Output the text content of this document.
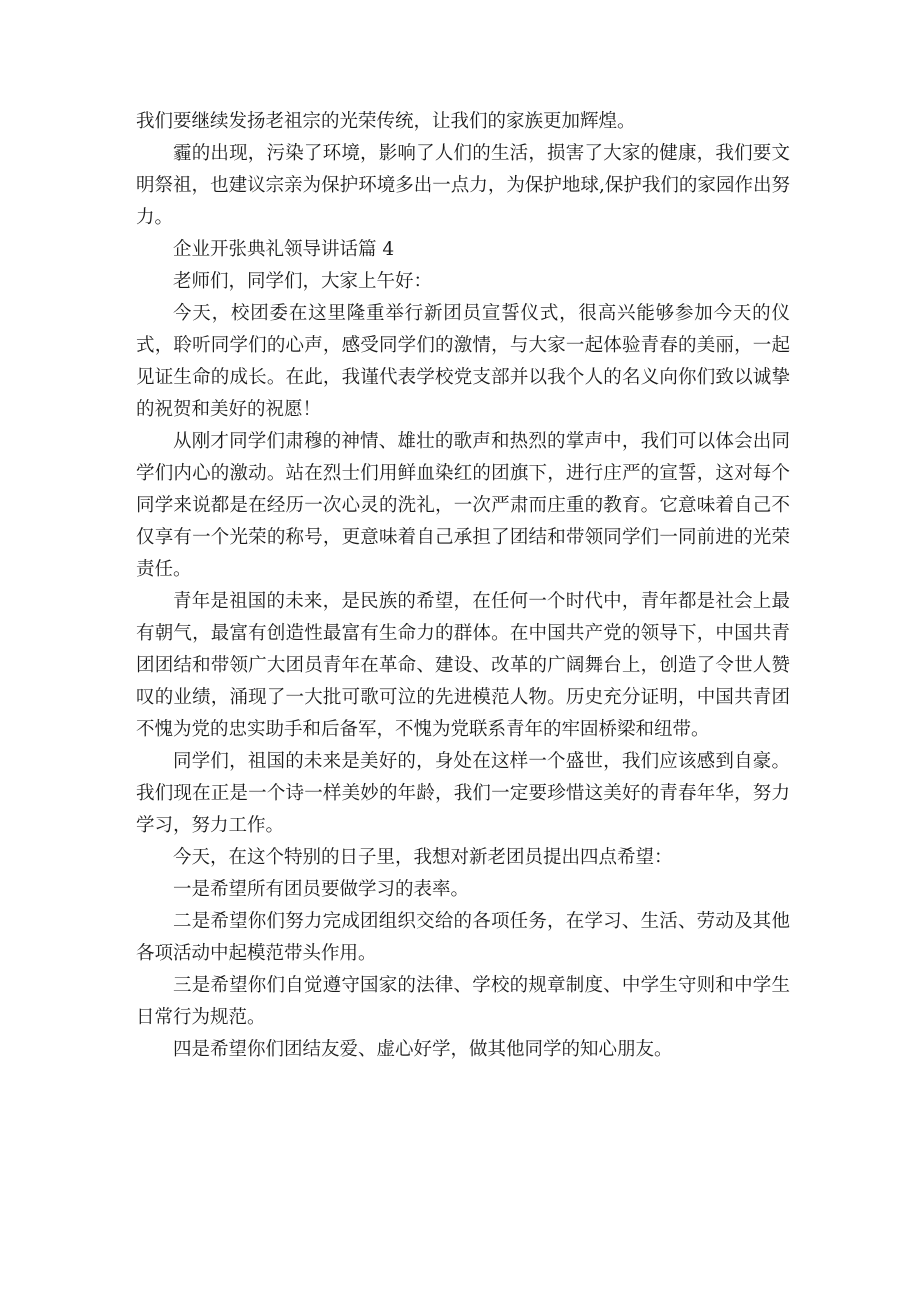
我们要继续发扬老祖宗的光荣传统，让我们的家族更加辉煌。

霾的出现，污染了环境，影响了人们的生活，损害了大家的健康，我们要文明祭祖，也建议宗亲为保护环境多出一点力，为保护地球,保护我们的家园作出努力。

企业开张典礼领导讲话篇 4

老师们，同学们，大家上午好：

今天，校团委在这里隆重举行新团员宣誓仪式，很高兴能够参加今天的仪式，聆听同学们的心声，感受同学们的激情，与大家一起体验青春的美丽，一起见证生命的成长。在此，我谨代表学校党支部并以我个人的名义向你们致以诚挚的祝贺和美好的祝愿！

从刚才同学们肃穆的神情、雄壮的歌声和热烈的掌声中，我们可以体会出同学们内心的激动。站在烈士们用鲜血染红的团旗下，进行庄严的宣誓，这对每个同学来说都是在经历一次心灵的洗礼，一次严肃而庄重的教育。它意味着自己不仅享有一个光荣的称号，更意味着自己承担了团结和带领同学们一同前进的光荣责任。

青年是祖国的未来，是民族的希望，在任何一个时代中，青年都是社会上最有朝气，最富有创造性最富有生命力的群体。在中国共产党的领导下，中国共青团团结和带领广大团员青年在革命、建设、改革的广阔舞台上，创造了令世人赞叹的业绩，涌现了一大批可歌可泣的先进模范人物。历史充分证明，中国共青团不愧为党的忠实助手和后备军，不愧为党联系青年的牢固桥梁和纽带。

同学们，祖国的未来是美好的，身处在这样一个盛世，我们应该感到自豪。我们现在正是一个诗一样美妙的年龄，我们一定要珍惜这美好的青春年华，努力学习，努力工作。

今天，在这个特别的日子里，我想对新老团员提出四点希望：

一是希望所有团员要做学习的表率。

二是希望你们努力完成团组织交给的各项任务，在学习、生活、劳动及其他各项活动中起模范带头作用。

三是希望你们自觉遵守国家的法律、学校的规章制度、中学生守则和中学生日常行为规范。

四是希望你们团结友爱、虚心好学，做其他同学的知心朋友。
